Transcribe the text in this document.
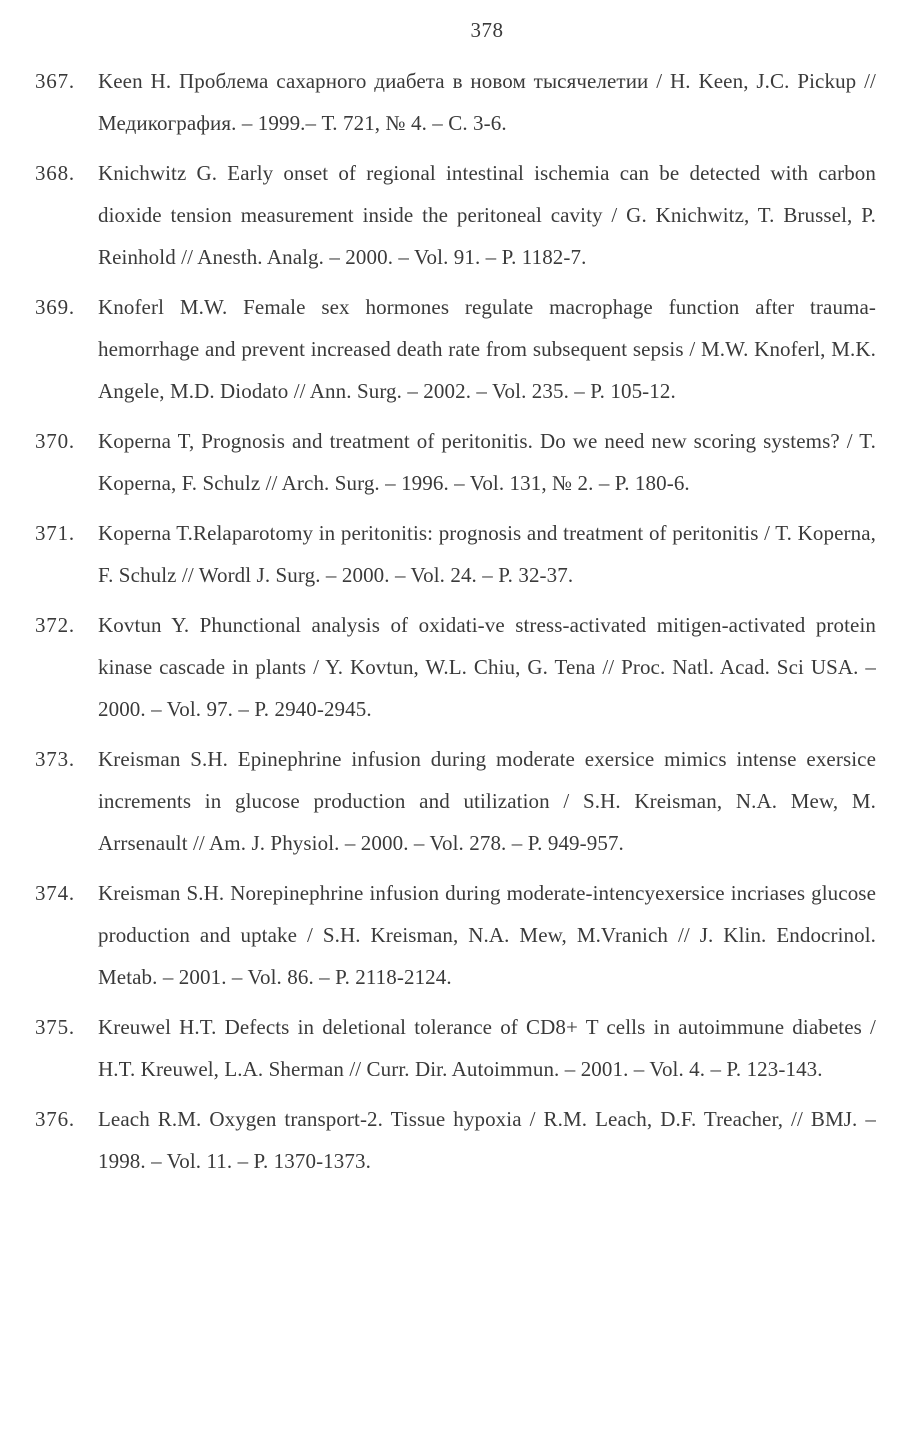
378
367. Keen H. Проблема сахарного диабета в новом тысячелетии / H. Keen, J.C. Pickup // Медикография. – 1999.– Т. 721, № 4. – С. 3-6.
368. Knichwitz G. Early onset of regional intestinal ischemia can be detected with carbon dioxide tension measurement inside the peritoneal cavity / G. Knichwitz, T. Brussel, P. Reinhold // Anesth. Analg. – 2000. – Vol. 91. – P. 1182-7.
369. Knoferl M.W. Female sex hormones regulate macrophage function after trauma-hemorrhage and prevent increased death rate from subsequent sepsis / M.W. Knoferl, M.K. Angele, M.D. Diodato // Ann. Surg. – 2002. – Vol. 235. – P. 105-12.
370. Koperna T, Prognosis and treatment of peritonitis. Do we need new scoring systems? / T. Koperna, F. Schulz // Arch. Surg. – 1996. – Vol. 131, № 2. – P. 180-6.
371. Koperna T.Relaparotomy in peritonitis: prognosis and treatment of peritonitis / T. Koperna, F. Schulz // Wordl J. Surg. – 2000. – Vol. 24. – P. 32-37.
372. Kovtun Y. Phunctional analysis of oxidati-ve stress-activated mitigen-activated protein kinase cascade in plants / Y. Kovtun, W.L. Chiu, G. Tena // Proc. Natl. Acad. Sci USA. – 2000. – Vol. 97. – P. 2940-2945.
373. Kreisman S.H. Epinephrine infusion during moderate exersice mimics intense exersice increments in glucose production and utilization / S.H. Kreisman, N.A. Mew, M. Arrsenault // Am. J. Physiol. – 2000. – Vol. 278. – P. 949-957.
374. Kreisman S.H. Norepinephrine infusion during moderate-intencyexersice incriases glucose production and uptake / S.H. Kreisman, N.A. Mew, M.Vranich // J. Klin. Endocrinol. Metab. – 2001. – Vol. 86. – P. 2118-2124.
375. Kreuwel H.T. Defects in deletional tolerance of CD8+ T cells in autoimmune diabetes / H.T. Kreuwel, L.A. Sherman // Curr. Dir. Autoimmun. – 2001. – Vol. 4. – P. 123-143.
376. Leach R.M. Oxygen transport-2. Tissue hypoxia / R.M. Leach, D.F. Treacher, // BMJ. – 1998. – Vol. 11. – P. 1370-1373.
